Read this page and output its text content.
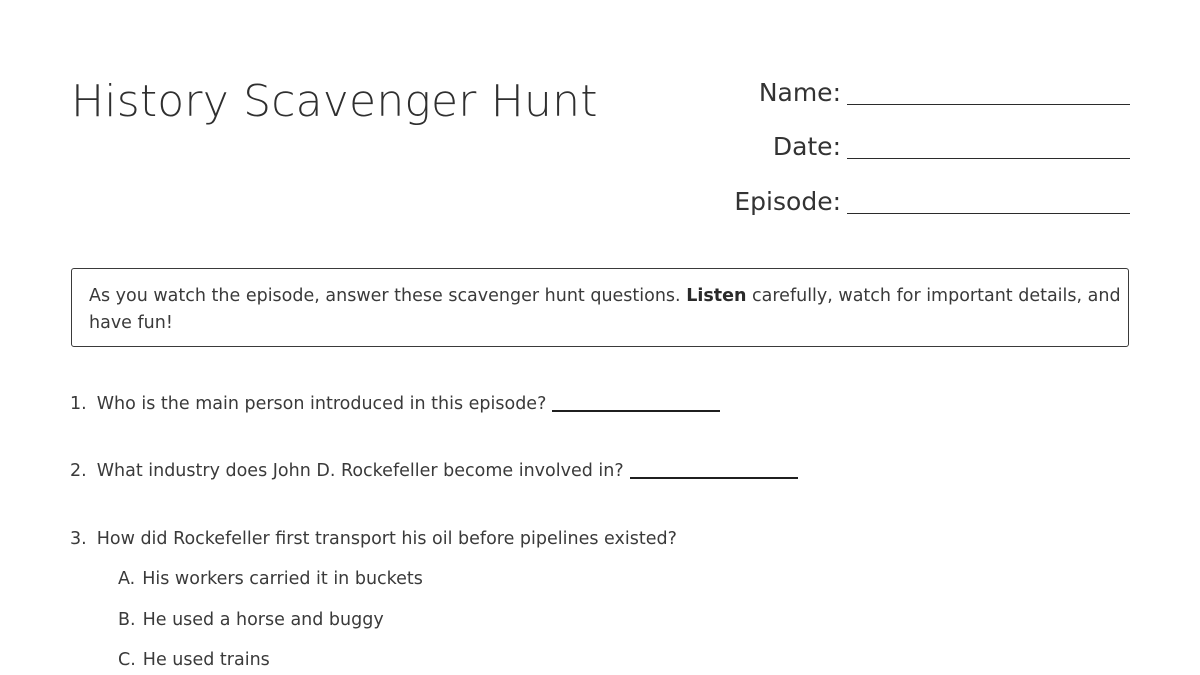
History Scavenger Hunt	Name:
Date:
Episode:
As you watch the episode, answer these scavenger hunt questions. Listen carefully, watch for important details, and have fun!
1. Who is the main person introduced in this episode?
2. What industry does John D. Rockefeller become involved in?
3. How did Rockefeller first transport his oil before pipelines existed?
A. His workers carried it in buckets
B. He used a horse and buggy
C. He used trains
